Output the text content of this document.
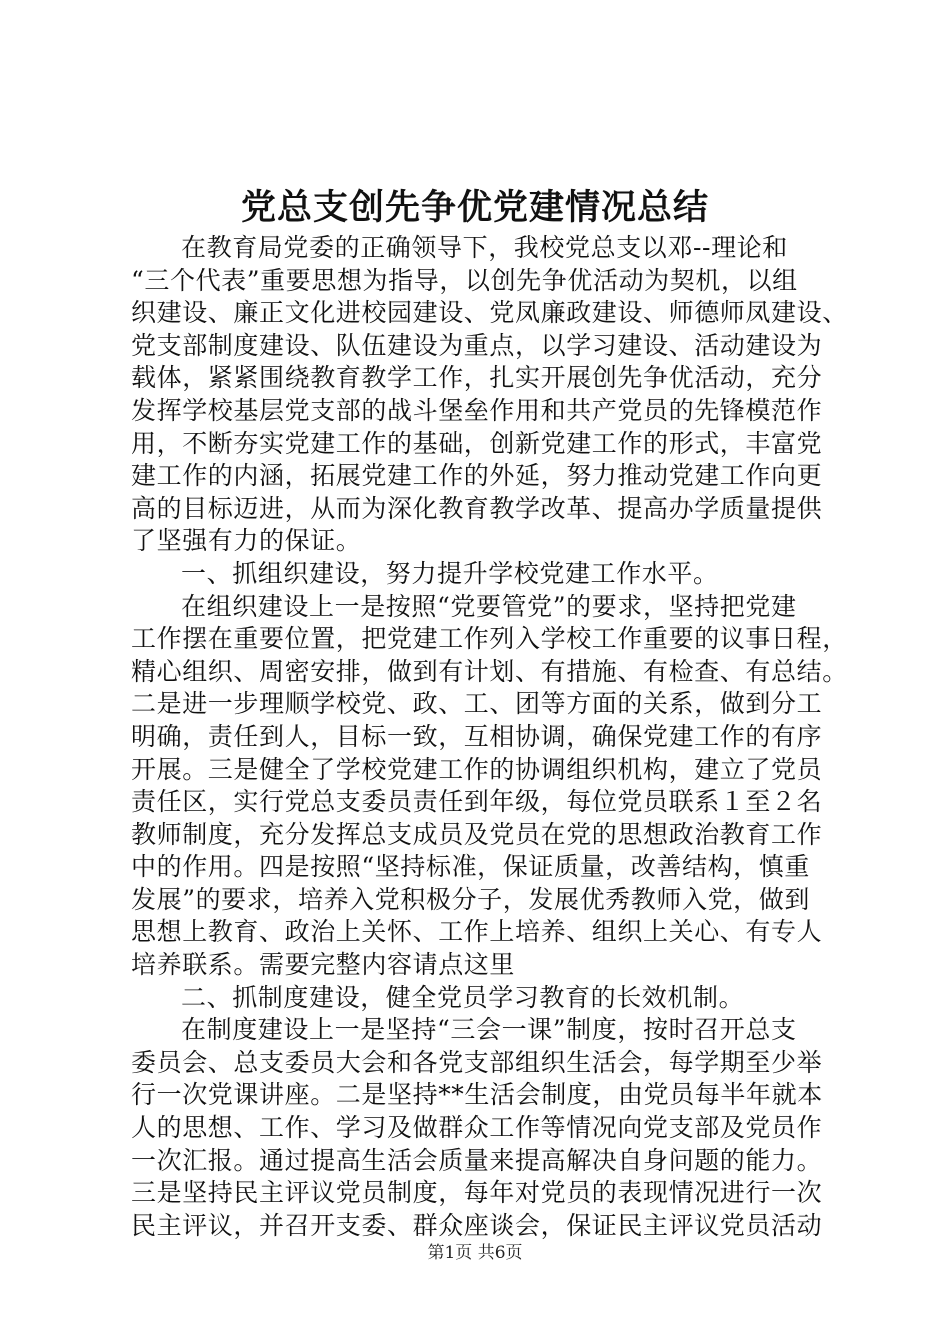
党总支创先争优党建情况总结
在教育局党委的正确领导下，我校党总支以邓--理论和
“三个代表”重要思想为指导，以创先争优活动为契机，以组
织建设、廉正文化进校园建设、党凤廉政建设、师德师凤建设、
党支部制度建设、队伍建设为重点，以学习建设、活动建设为
载体，紧紧围绕教育教学工作，扎实开展创先争优活动，充分
发挥学校基层党支部的战斗堡垒作用和共产党员的先锋模范作
用，不断夯实党建工作的基础，创新党建工作的形式，丰富党
建工作的内涵，拓展党建工作的外延，努力推动党建工作向更
高的目标迈进，从而为深化教育教学改革、提高办学质量提供
了坚强有力的保证。
一、抓组织建设，努力提升学校党建工作水平。
在组织建设上一是按照“党要管党”的要求，坚持把党建
工作摆在重要位置，把党建工作列入学校工作重要的议事日程，
精心组织、周密安排，做到有计划、有措施、有检查、有总结。
二是进一步理顺学校党、政、工、团等方面的关系，做到分工
明确，责任到人，目标一致，互相协调，确保党建工作的有序
开展。三是健全了学校党建工作的协调组织机构，建立了党员
责任区，实行党总支委员责任到年级，每位党员联系１至２名
教师制度，充分发挥总支成员及党员在党的思想政治教育工作
中的作用。四是按照“坚持标准，保证质量，改善结构，慎重
发展”的要求，培养入党积极分子，发展优秀教师入党，做到
思想上教育、政治上关怀、工作上培养、组织上关心、有专人
培养联系。需要完整内容请点这里
二、抓制度建设，健全党员学习教育的长效机制。
在制度建设上一是坚持“三会一课”制度，按时召开总支
委员会、总支委员大会和各党支部组织生活会，每学期至少举
行一次党课讲座。二是坚持**生活会制度，由党员每半年就本
人的思想、工作、学习及做群众工作等情况向党支部及党员作
一次汇报。通过提高生活会质量来提高解决自身问题的能力。
三是坚持民主评议党员制度，每年对党员的表现情况进行一次
民主评议，并召开支委、群众座谈会，保证民主评议党员活动
第1页 共6页
